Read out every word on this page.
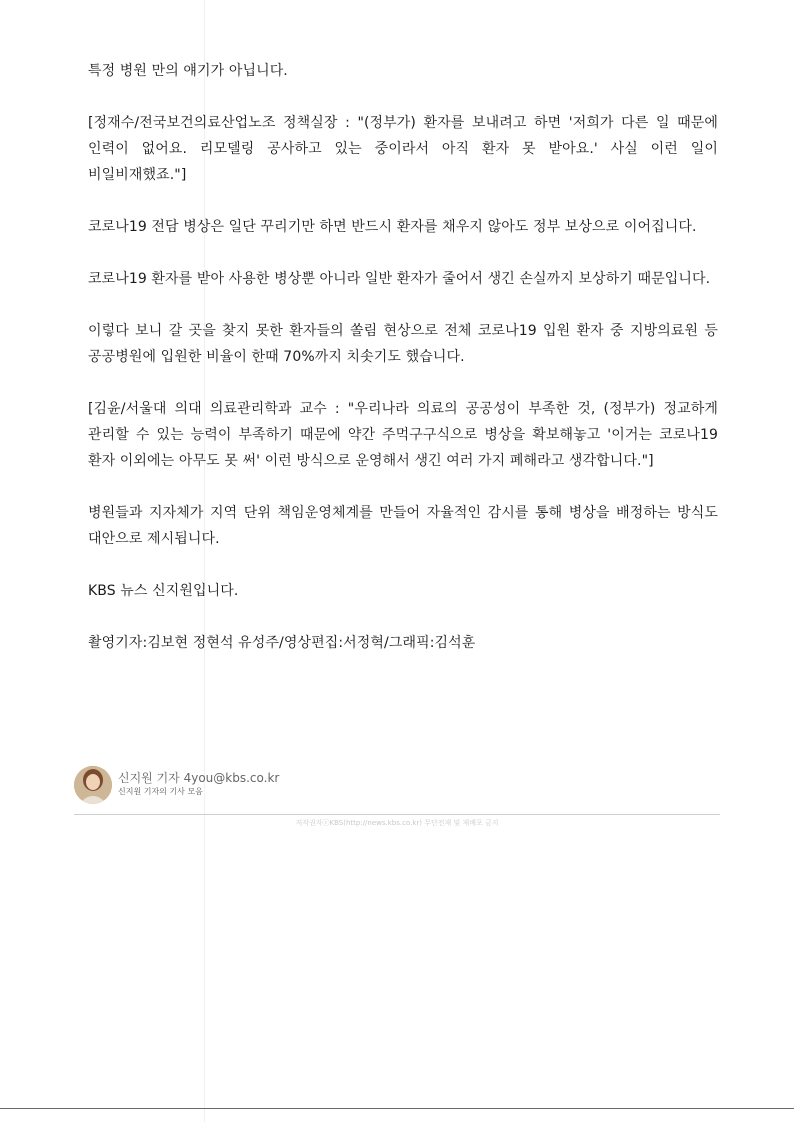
특정 병원 만의 얘기가 아닙니다.

[정재수/전국보건의료산업노조 정책실장 : "(정부가) 환자를 보내려고 하면 '저희가 다른 일 때문에 인력이 없어요. 리모델링 공사하고 있는 중이라서 아직 환자 못 받아요.' 사실 이런 일이 비일비재했죠."]

코로나19 전담 병상은 일단 꾸리기만 하면 반드시 환자를 채우지 않아도 정부 보상으로 이어집니다.

코로나19 환자를 받아 사용한 병상뿐 아니라 일반 환자가 줄어서 생긴 손실까지 보상하기 때문입니다.

이렇다 보니 갈 곳을 찾지 못한 환자들의 쏠림 현상으로 전체 코로나19 입원 환자 중 지방의료원 등 공공병원에 입원한 비율이 한때 70%까지 치솟기도 했습니다.

[김윤/서울대 의대 의료관리학과 교수 : "우리나라 의료의 공공성이 부족한 것, (정부가) 정교하게 관리할 수 있는 능력이 부족하기 때문에 약간 주먹구구식으로 병상을 확보해놓고 '이거는 코로나19 환자 이외에는 아무도 못 써' 이런 방식으로 운영해서 생긴 여러 가지 폐해라고 생각합니다."]

병원들과 지자체가 지역 단위 책임운영체계를 만들어 자율적인 감시를 통해 병상을 배정하는 방식도 대안으로 제시됩니다.

KBS 뉴스 신지원입니다.

촬영기자:김보현 정현석 유성주/영상편집:서정혁/그래픽:김석훈

신지원 기자 4you@kbs.co.kr
신지원 기자의 기사 모음
저작권자ⓒKBS(http://news.kbs.co.kr) 무단전재 및 재배포 금지
